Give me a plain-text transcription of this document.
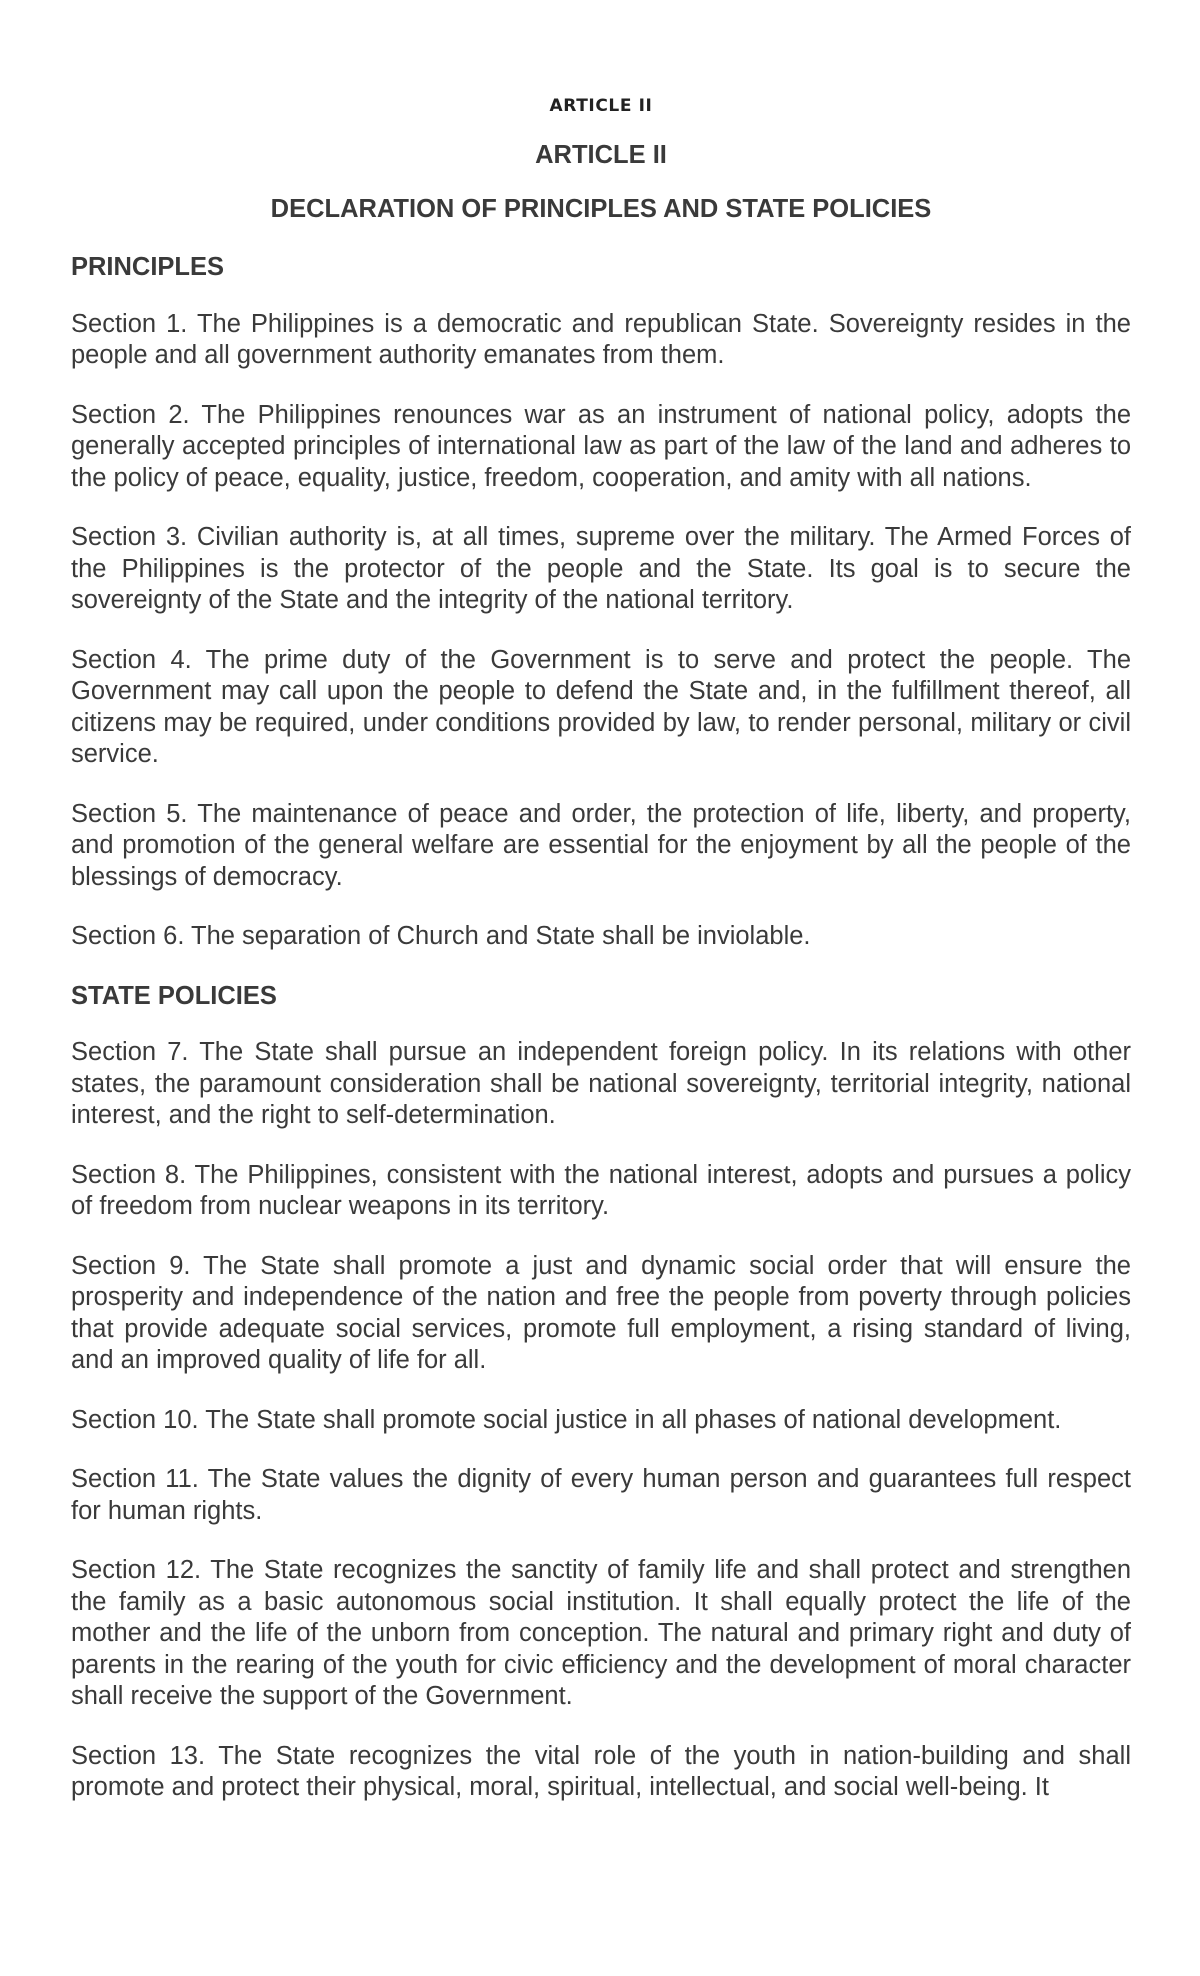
ARTICLE II
ARTICLE II
DECLARATION OF PRINCIPLES AND STATE POLICIES
PRINCIPLES

Section 1. The Philippines is a democratic and republican State. Sovereignty resides in the people and all government authority emanates from them.

Section 2. The Philippines renounces war as an instrument of national policy, adopts the generally accepted principles of international law as part of the law of the land and adheres to the policy of peace, equality, justice, freedom, cooperation, and amity with all nations.

Section 3. Civilian authority is, at all times, supreme over the military. The Armed Forces of the Philippines is the protector of the people and the State. Its goal is to secure the sovereignty of the State and the integrity of the national territory.

Section 4. The prime duty of the Government is to serve and protect the people. The Government may call upon the people to defend the State and, in the fulfillment thereof, all citizens may be required, under conditions provided by law, to render personal, military or civil service.

Section 5. The maintenance of peace and order, the protection of life, liberty, and property, and promotion of the general welfare are essential for the enjoyment by all the people of the blessings of democracy.

Section 6. The separation of Church and State shall be inviolable.

STATE POLICIES

Section 7. The State shall pursue an independent foreign policy. In its relations with other states, the paramount consideration shall be national sovereignty, territorial integrity, national interest, and the right to self-determination.

Section 8. The Philippines, consistent with the national interest, adopts and pursues a policy of freedom from nuclear weapons in its territory.

Section 9. The State shall promote a just and dynamic social order that will ensure the prosperity and independence of the nation and free the people from poverty through policies that provide adequate social services, promote full employment, a rising standard of living, and an improved quality of life for all.

Section 10. The State shall promote social justice in all phases of national development.

Section 11. The State values the dignity of every human person and guarantees full respect for human rights.

Section 12. The State recognizes the sanctity of family life and shall protect and strengthen the family as a basic autonomous social institution. It shall equally protect the life of the mother and the life of the unborn from conception. The natural and primary right and duty of parents in the rearing of the youth for civic efficiency and the development of moral character shall receive the support of the Government.

Section 13. The State recognizes the vital role of the youth in nation-building and shall promote and protect their physical, moral, spiritual, intellectual, and social well-being. It
